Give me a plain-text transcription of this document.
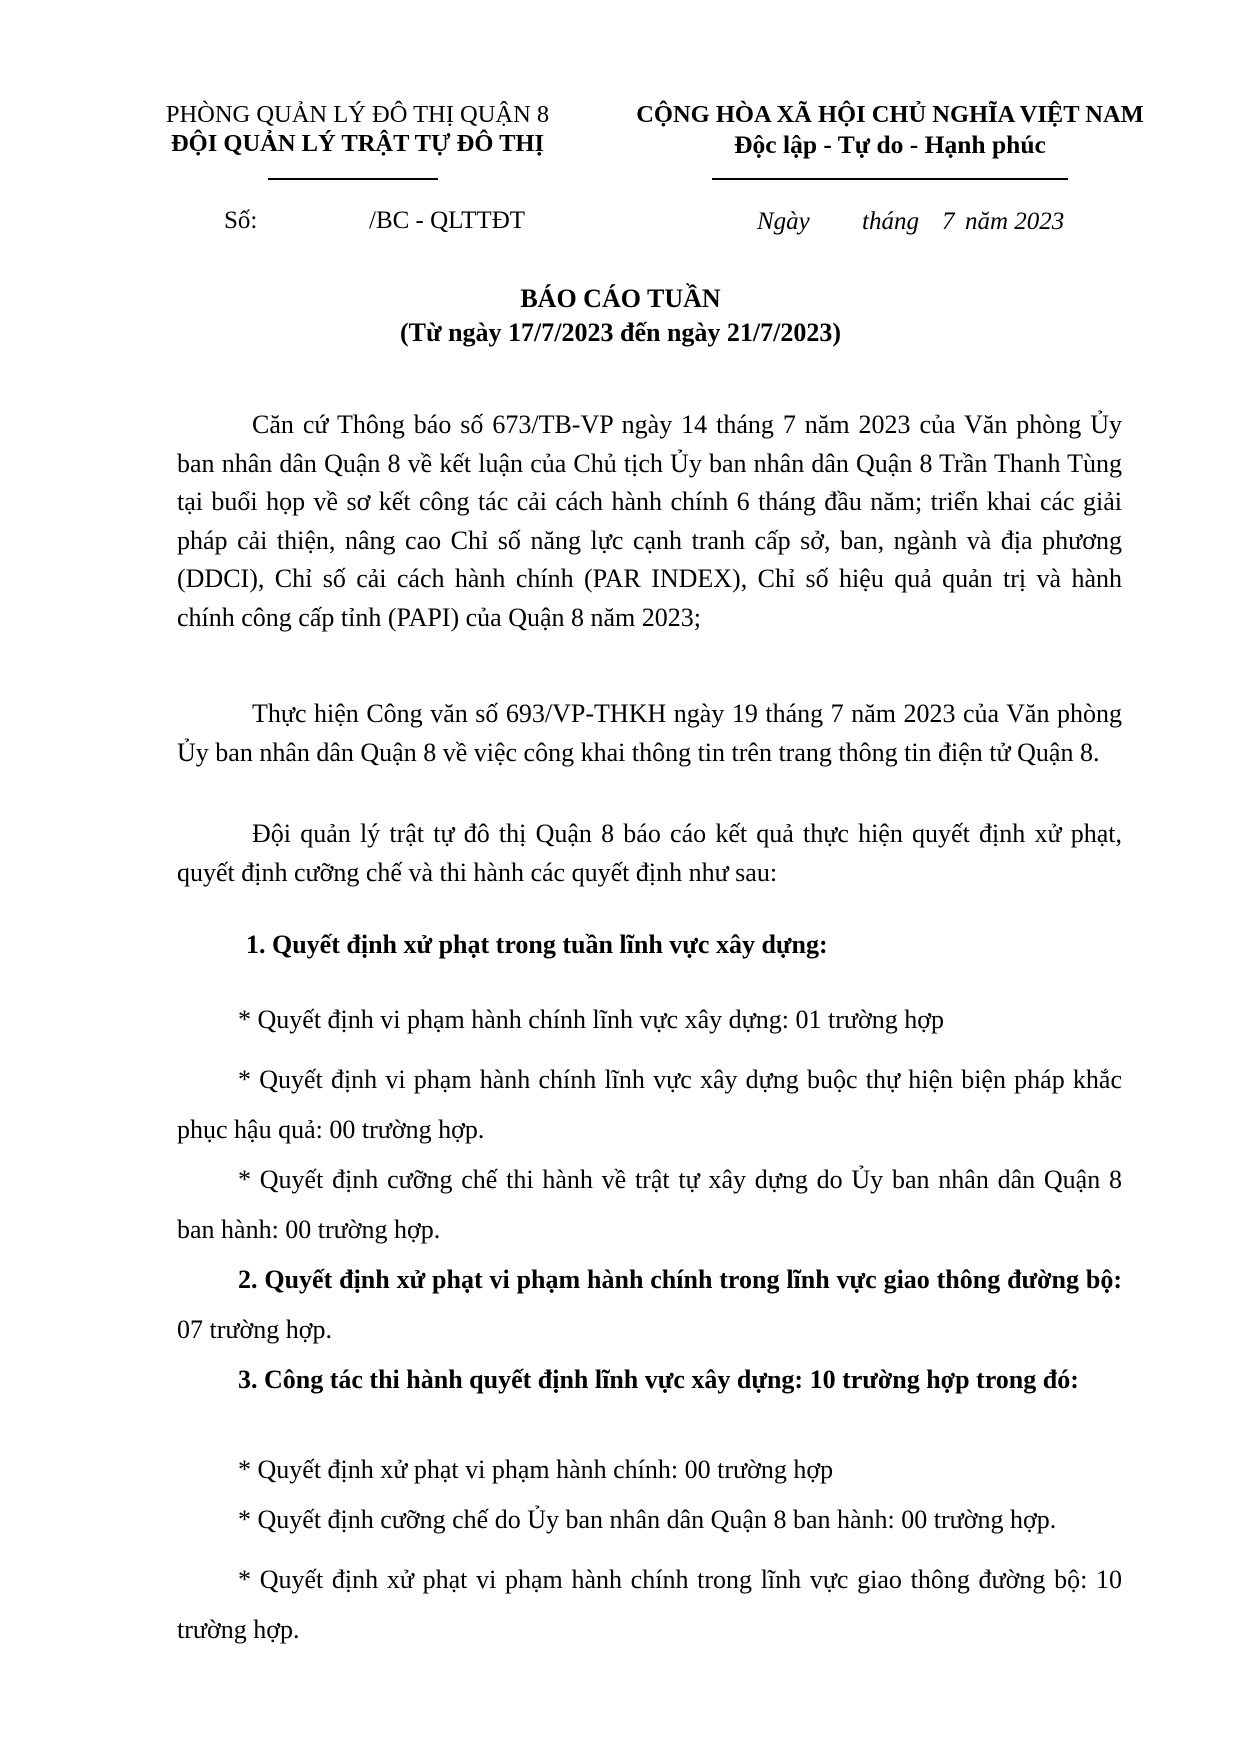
PHÒNG QUẢN LÝ ĐÔ THỊ QUẬN 8
ĐỘI QUẢN LÝ TRẬT TỰ ĐÔ THỊ
Số:	/BC - QLTTĐT
CỘNG HÒA XÃ HỘI CHỦ NGHĨA VIỆT NAM
Độc lập - Tự do - Hạnh phúc
Ngày tháng 7 năm 2023
BÁO CÁO TUẦN
(Từ ngày 17/7/2023 đến ngày 21/7/2023)
Căn cứ Thông báo số 673/TB-VP ngày 14 tháng 7 năm 2023 của Văn phòng Ủy ban nhân dân Quận 8 về kết luận của Chủ tịch Ủy ban nhân dân Quận 8 Trần Thanh Tùng tại buổi họp về sơ kết công tác cải cách hành chính 6 tháng đầu năm; triển khai các giải pháp cải thiện, nâng cao Chỉ số năng lực cạnh tranh cấp sở, ban, ngành và địa phương (DDCI), Chỉ số cải cách hành chính (PAR INDEX), Chỉ số hiệu quả quản trị và hành chính công cấp tỉnh (PAPI) của Quận 8 năm 2023;
Thực hiện Công văn số 693/VP-THKH ngày 19 tháng 7 năm 2023 của Văn phòng Ủy ban nhân dân Quận 8 về việc công khai thông tin trên trang thông tin điện tử Quận 8.
Đội quản lý trật tự đô thị Quận 8 báo cáo kết quả thực hiện quyết định xử phạt, quyết định cưỡng chế và thi hành các quyết định như sau:
1. Quyết định xử phạt trong tuần lĩnh vực xây dựng:
* Quyết định vi phạm hành chính lĩnh vực xây dựng: 01 trường hợp
* Quyết định vi phạm hành chính lĩnh vực xây dựng buộc thự hiện biện pháp khắc phục hậu quả: 00 trường hợp.
* Quyết định cưỡng chế thi hành về trật tự xây dựng do Ủy ban nhân dân Quận 8 ban hành: 00 trường hợp.
2. Quyết định xử phạt vi phạm hành chính trong lĩnh vực giao thông đường bộ: 07 trường hợp.
3. Công tác thi hành quyết định lĩnh vực xây dựng: 10 trường hợp trong đó:
* Quyết định xử phạt vi phạm hành chính: 00 trường hợp
* Quyết định cưỡng chế do Ủy ban nhân dân Quận 8 ban hành: 00 trường hợp.
* Quyết định xử phạt vi phạm hành chính trong lĩnh vực giao thông đường bộ: 10 trường hợp.
